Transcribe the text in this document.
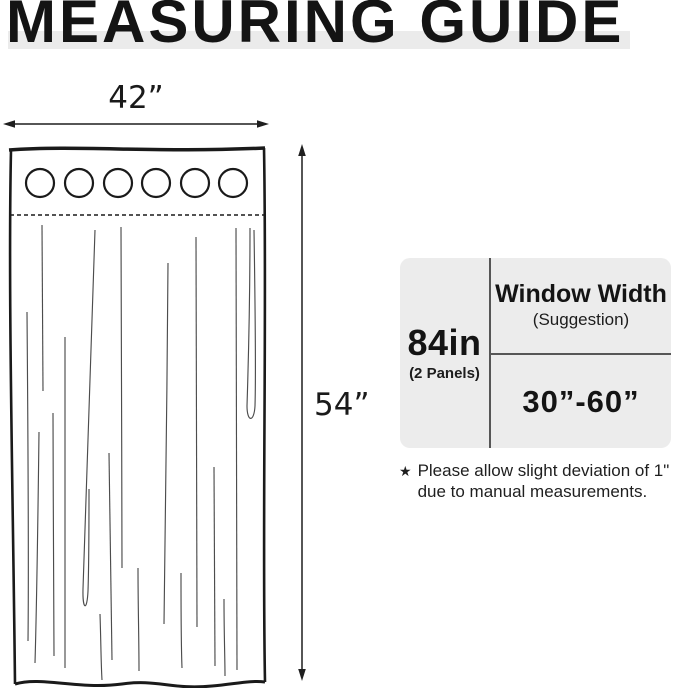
MEASURING GUIDE
42”
54”
84in
(2 Panels)
Window Width
(Suggestion)
30”-60”
★ Please allow slight deviation of 1"
due to manual measurements.
